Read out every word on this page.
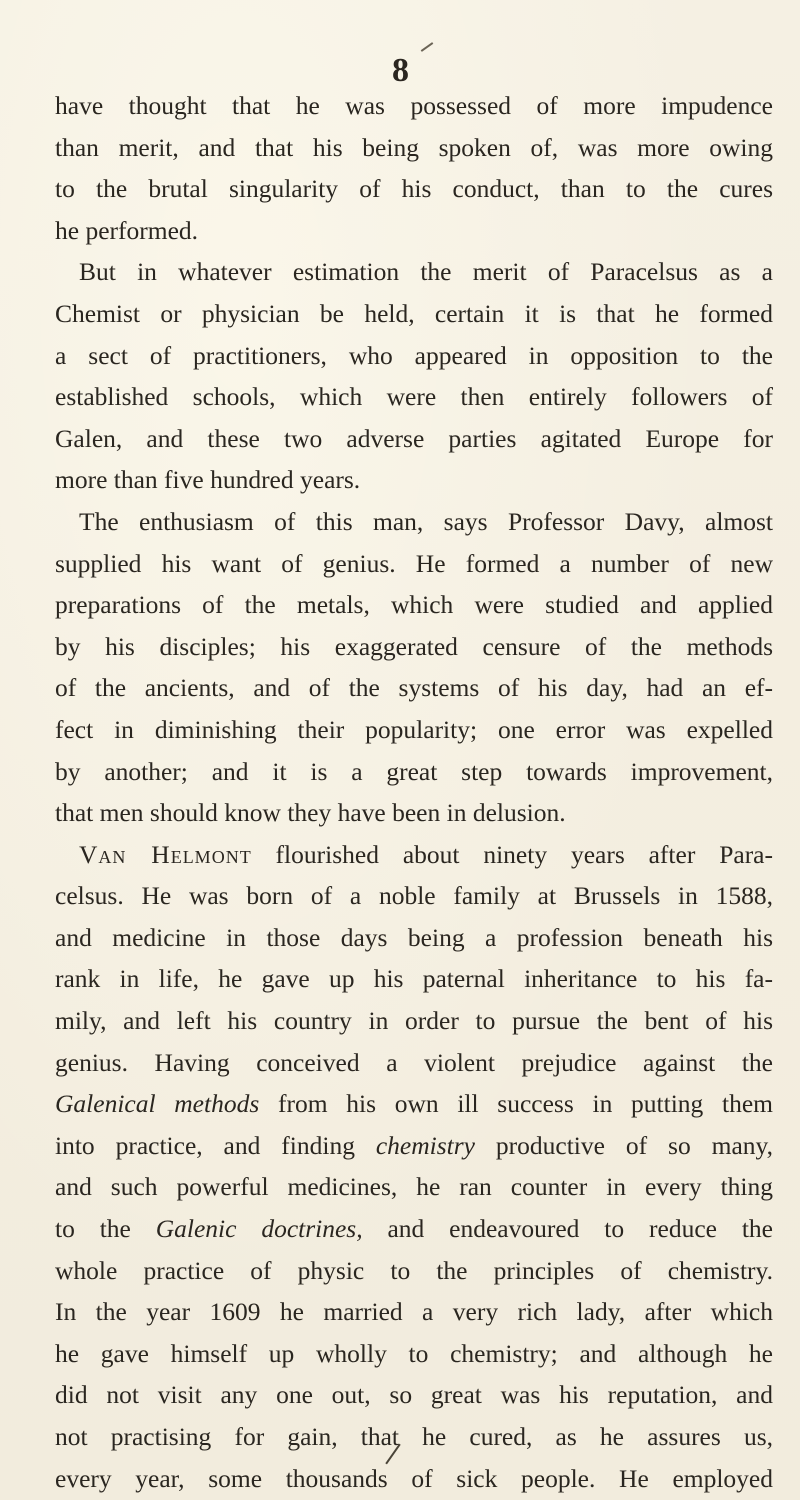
8
have thought that he was possessed of more impudence
than merit, and that his being spoken of, was more owing
to the brutal singularity of his conduct, than to the cures
he performed.
But in whatever estimation the merit of Paracelsus as a
Chemist or physician be held, certain it is that he formed
a sect of practitioners, who appeared in opposition to the
established schools, which were then entirely followers of
Galen, and these two adverse parties agitated Europe for
more than five hundred years.
The enthusiasm of this man, says Professor Davy, almost
supplied his want of genius. He formed a number of new
preparations of the metals, which were studied and applied
by his disciples; his exaggerated censure of the methods
of the ancients, and of the systems of his day, had an ef-
fect in diminishing their popularity; one error was expelled
by another; and it is a great step towards improvement,
that men should know they have been in delusion.
Van Helmont flourished about ninety years after Para-
celsus. He was born of a noble family at Brussels in 1588,
and medicine in those days being a profession beneath his
rank in life, he gave up his paternal inheritance to his fa-
mily, and left his country in order to pursue the bent of his
genius. Having conceived a violent prejudice against the
Galenical methods from his own ill success in putting them
into practice, and finding chemistry productive of so many,
and such powerful medicines, he ran counter in every thing
to the Galenic doctrines, and endeavoured to reduce the
whole practice of physic to the principles of chemistry.
In the year 1609 he married a very rich lady, after which
he gave himself up wholly to chemistry; and although he
did not visit any one out, so great was his reputation, and
not practising for gain, that he cured, as he assures us,
every year, some thousands of sick people. He employed
